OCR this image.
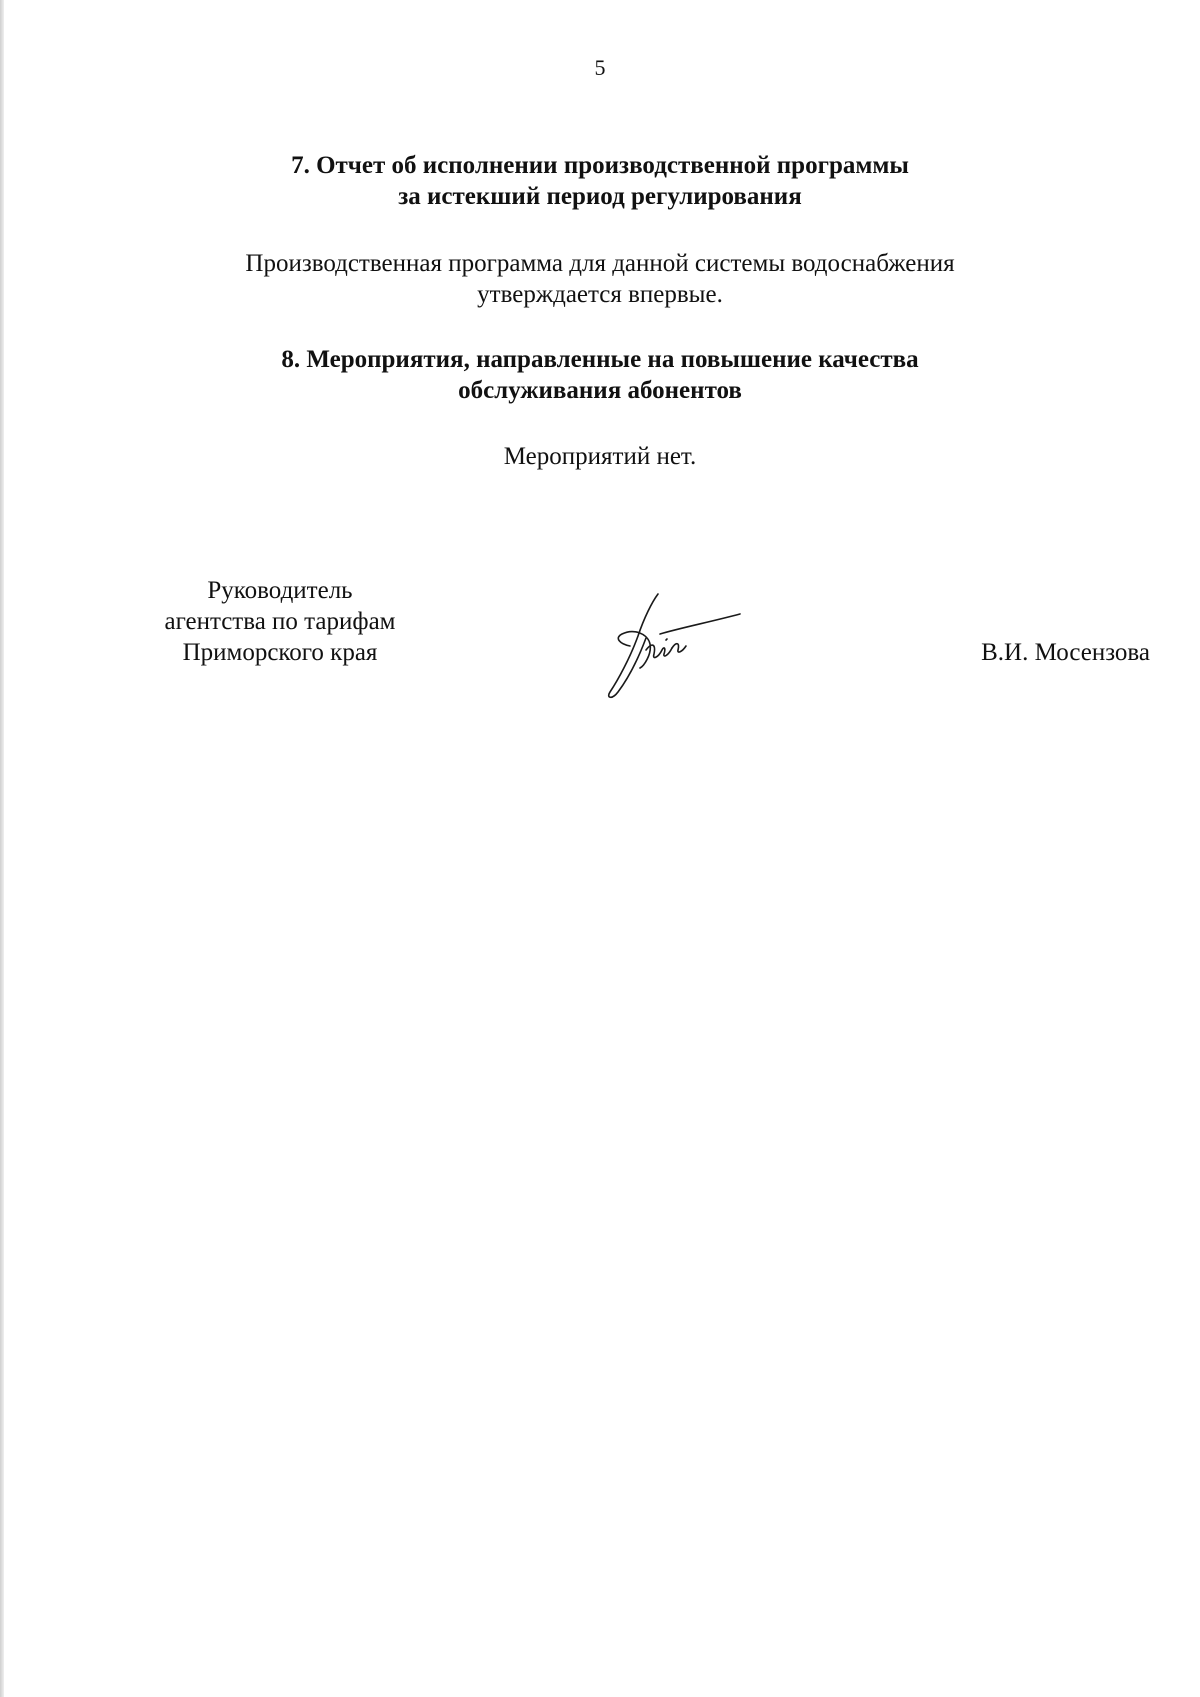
5
7. Отчет об исполнении производственной программы
за истекший период регулирования
Производственная программа для данной системы водоснабжения
утверждается впервые.
8. Мероприятия, направленные на повышение качества
обслуживания абонентов
Мероприятий нет.
Руководитель
агентства по тарифам
Приморского края	В.И. Мосензова
